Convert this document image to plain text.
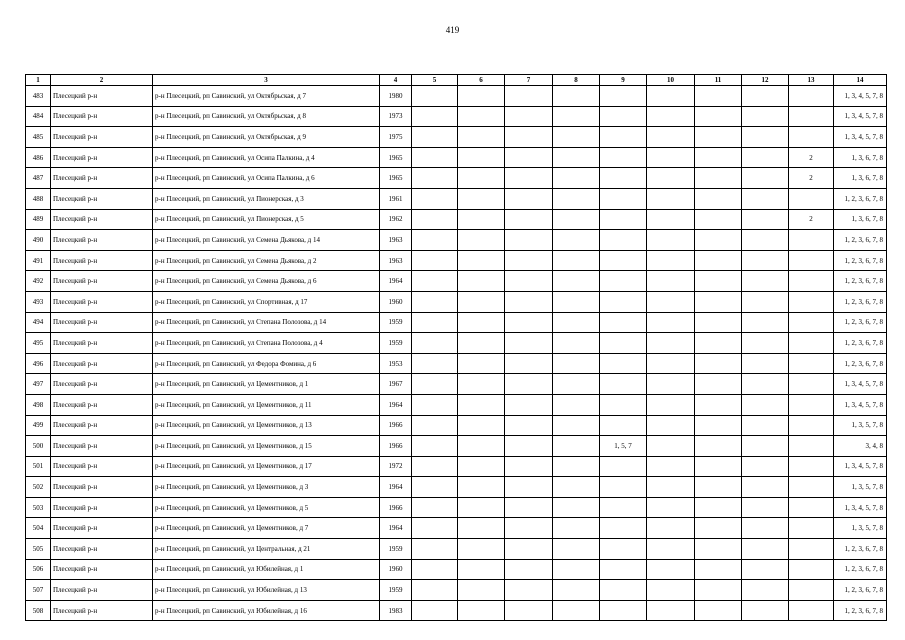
419
1	2	3	4	5	6	7	8	9	10	11	12	13	14
483	Плесецкий р-н	р-н Плесецкий, рп Савинский, ул Октябрьская, д 7	1980										1, 3, 4, 5, 7, 8
484	Плесецкий р-н	р-н Плесецкий, рп Савинский, ул Октябрьская, д 8	1973										1, 3, 4, 5, 7, 8
485	Плесецкий р-н	р-н Плесецкий, рп Савинский, ул Октябрьская, д 9	1975										1, 3, 4, 5, 7, 8
486	Плесецкий р-н	р-н Плесецкий, рп Савинский, ул Осипа Палкина, д 4	1965									2	1, 3, 6, 7, 8
487	Плесецкий р-н	р-н Плесецкий, рп Савинский, ул Осипа Палкина, д 6	1965									2	1, 3, 6, 7, 8
488	Плесецкий р-н	р-н Плесецкий, рп Савинский, ул Пионерская, д 3	1961										1, 2, 3, 6, 7, 8
489	Плесецкий р-н	р-н Плесецкий, рп Савинский, ул Пионерская, д 5	1962									2	1, 3, 6, 7, 8
490	Плесецкий р-н	р-н Плесецкий, рп Савинский, ул Семена Дьякова, д 14	1963										1, 2, 3, 6, 7, 8
491	Плесецкий р-н	р-н Плесецкий, рп Савинский, ул Семена Дьякова, д 2	1963										1, 2, 3, 6, 7, 8
492	Плесецкий р-н	р-н Плесецкий, рп Савинский, ул Семена Дьякова, д 6	1964										1, 2, 3, 6, 7, 8
493	Плесецкий р-н	р-н Плесецкий, рп Савинский, ул Спортивная, д 17	1960										1, 2, 3, 6, 7, 8
494	Плесецкий р-н	р-н Плесецкий, рп Савинский, ул Степана Полозова, д 14	1959										1, 2, 3, 6, 7, 8
495	Плесецкий р-н	р-н Плесецкий, рп Савинский, ул Степана Полозова, д 4	1959										1, 2, 3, 6, 7, 8
496	Плесецкий р-н	р-н Плесецкий, рп Савинский, ул Федора Фомина, д 6	1953										1, 2, 3, 6, 7, 8
497	Плесецкий р-н	р-н Плесецкий, рп Савинский, ул Цементников, д 1	1967										1, 3, 4, 5, 7, 8
498	Плесецкий р-н	р-н Плесецкий, рп Савинский, ул Цементников, д 11	1964										1, 3, 4, 5, 7, 8
499	Плесецкий р-н	р-н Плесецкий, рп Савинский, ул Цементников, д 13	1966										1, 3, 5, 7, 8
500	Плесецкий р-н	р-н Плесецкий, рп Савинский, ул Цементников, д 15	1966					1, 5, 7					3, 4, 8
501	Плесецкий р-н	р-н Плесецкий, рп Савинский, ул Цементников, д 17	1972										1, 3, 4, 5, 7, 8
502	Плесецкий р-н	р-н Плесецкий, рп Савинский, ул Цементников, д 3	1964										1, 3, 5, 7, 8
503	Плесецкий р-н	р-н Плесецкий, рп Савинский, ул Цементников, д 5	1966										1, 3, 4, 5, 7, 8
504	Плесецкий р-н	р-н Плесецкий, рп Савинский, ул Цементников, д 7	1964										1, 3, 5, 7, 8
505	Плесецкий р-н	р-н Плесецкий, рп Савинский, ул Центральная, д 21	1959										1, 2, 3, 6, 7, 8
506	Плесецкий р-н	р-н Плесецкий, рп Савинский, ул Юбилейная, д 1	1960										1, 2, 3, 6, 7, 8
507	Плесецкий р-н	р-н Плесецкий, рп Савинский, ул Юбилейная, д 13	1959										1, 2, 3, 6, 7, 8
508	Плесецкий р-н	р-н Плесецкий, рп Савинский, ул Юбилейная, д 16	1983										1, 2, 3, 6, 7, 8
